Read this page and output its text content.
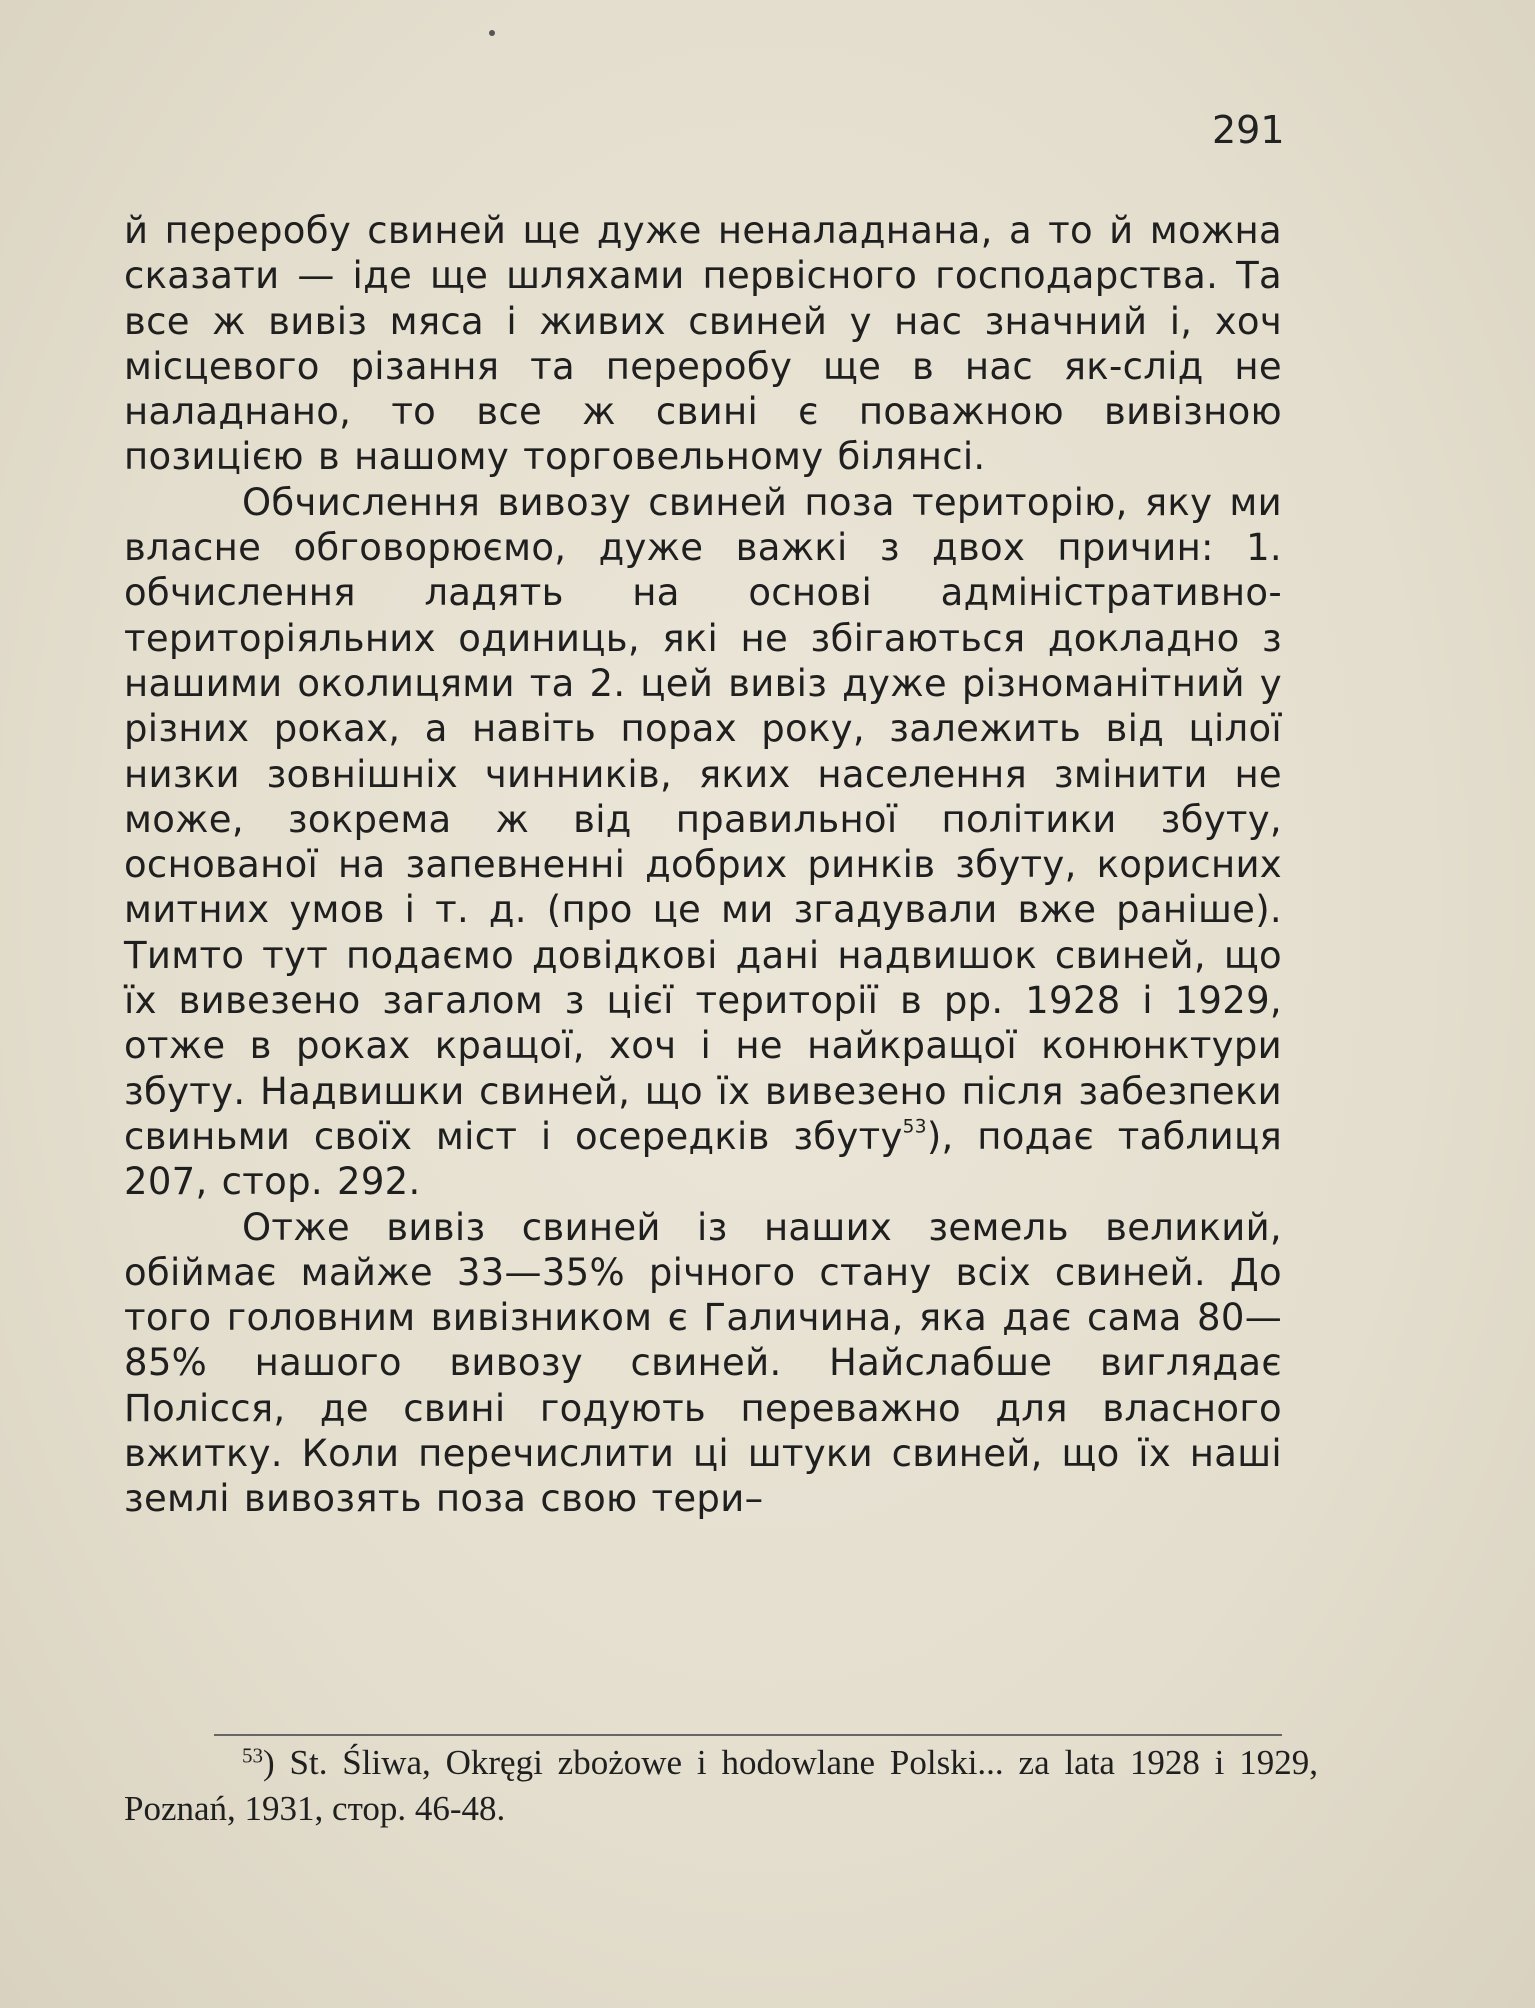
291

й переробу свиней ще дуже неналаднана, а то й можна сказати — іде ще шляхами первісного господарства. Та все ж вивіз мяса і живих свиней у нас значний і, хоч місцевого різання та переробу ще в нас як-слід не наладнано, то все ж свині є поважною вивізною позицією в нашому торговельному білянсі.

Обчислення вивозу свиней поза територію, яку ми власне обговорюємо, дуже важкі з двох причин: 1. обчислення ладять на основі адміністративно-територіяльних одиниць, які не збігаються докладно з нашими околицями та 2. цей вивіз дуже різноманітний у різних роках, а навіть порах року, залежить від цілої низки зовнішніх чинників, яких населення змінити не може, зокрема ж від правильної політики збуту, основаної на запевненні добрих ринків збуту, корисних митних умов і т. д. (про це ми згадували вже раніше). Тимто тут подаємо довідкові дані надвишок свиней, що їх вивезено загалом з цієї території в рр. 1928 і 1929, отже в роках кращої, хоч і не найкращої конюнктури збуту. Надвишки свиней, що їх вивезено після забезпеки свиньми своїх міст і осередків збуту$^{53}$), подає таблиця 207, стор. 292.

Отже вивіз свиней із наших земель великий, обіймає майже 33—35% річного стану всіх свиней. До того головним вивізником є Галичина, яка дає сама 80—85% нашого вивозу свиней. Найслабше виглядає Полісся, де свині годують переважно для власного вжитку. Коли перечислити ці штуки свиней, що їх наші землі вивозять поза свою тери–

$^{53}$) St. Śliwa, Okręgi zbożowe i hodowlane Polski... za lata 1928 i 1929, Poznań, 1931, стор. 46-48.
